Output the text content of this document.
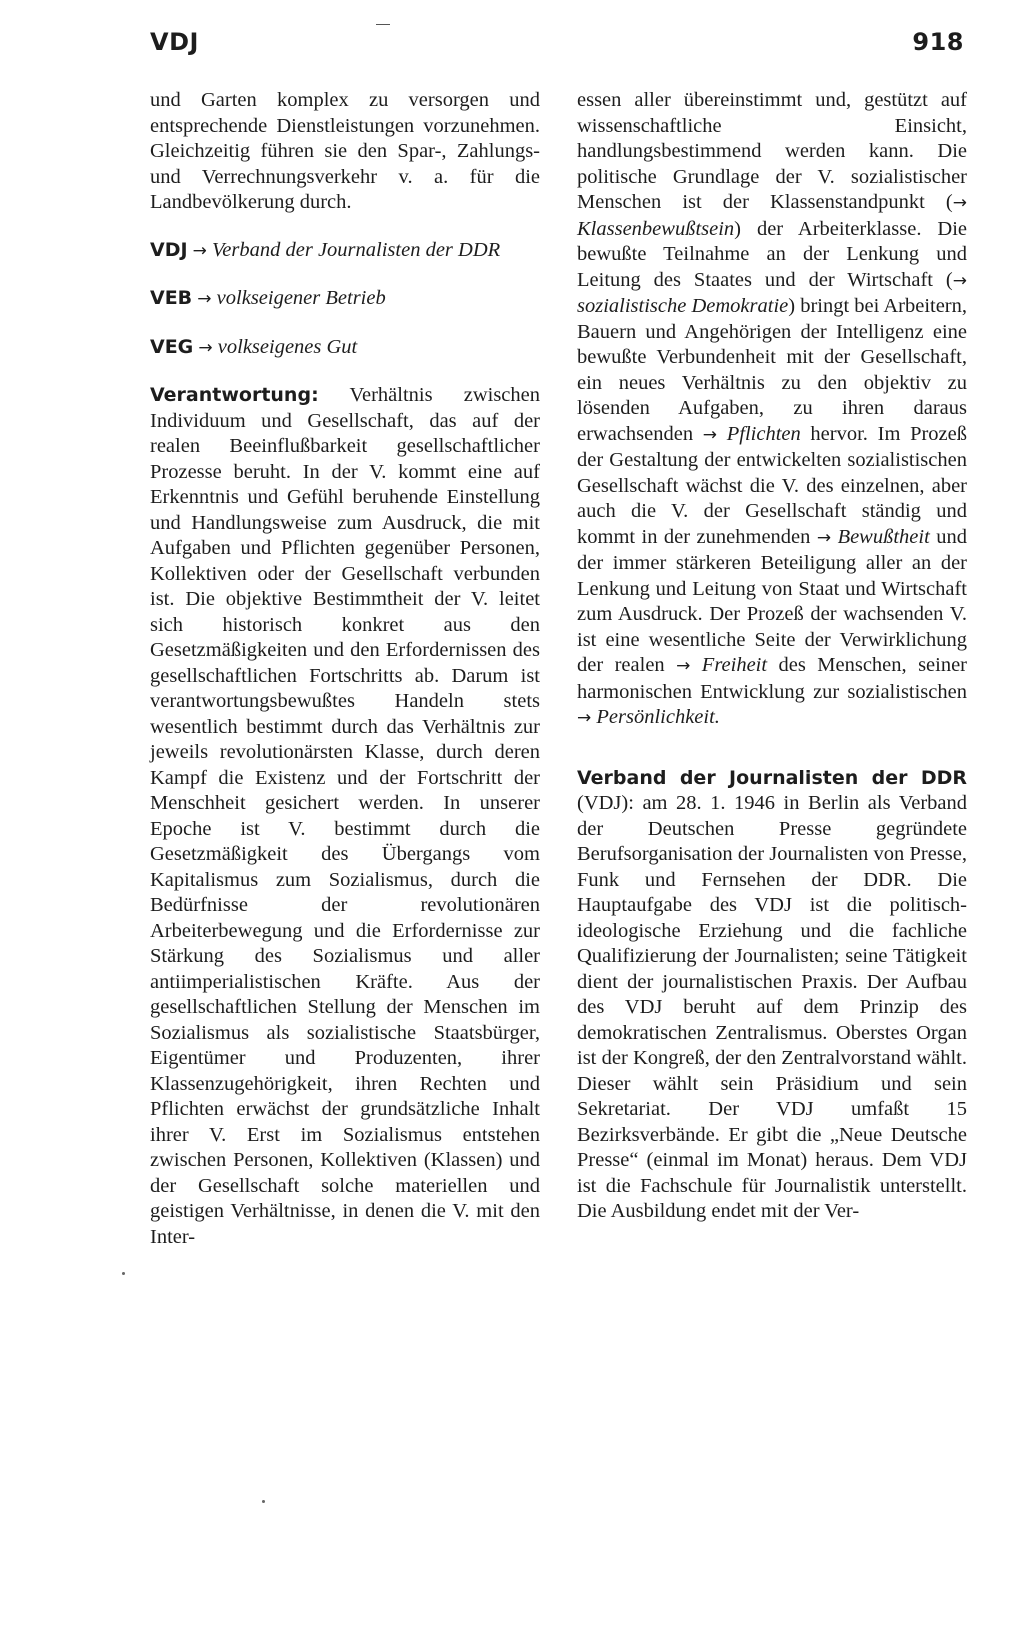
VDJ	918

und Garten komplex zu versorgen und entsprechende Dienstleistungen vorzunehmen. Gleichzeitig führen sie den Spar-, Zahlungs- und Verrechnungsverkehr v. a. für die Landbevölkerung durch.

VDJ → Verband der Journalisten der DDR

VEB → volkseigener Betrieb

VEG → volkseigenes Gut

Verantwortung: Verhältnis zwischen Individuum und Gesellschaft, das auf der realen Beeinflußbarkeit gesellschaftlicher Prozesse beruht. In der V. kommt eine auf Erkenntnis und Gefühl beruhende Einstellung und Handlungsweise zum Ausdruck, die mit Aufgaben und Pflichten gegenüber Personen, Kollektiven oder der Gesellschaft verbunden ist. Die objektive Bestimmtheit der V. leitet sich historisch konkret aus den Gesetzmäßigkeiten und den Erfordernissen des gesellschaftlichen Fortschritts ab. Darum ist verantwortungsbewußtes Handeln stets wesentlich bestimmt durch das Verhältnis zur jeweils revolutionärsten Klasse, durch deren Kampf die Existenz und der Fortschritt der Menschheit gesichert werden. In unserer Epoche ist V. bestimmt durch die Gesetzmäßigkeit des Übergangs vom Kapitalismus zum Sozialismus, durch die Bedürfnisse der revolutionären Arbeiterbewegung und die Erfordernisse zur Stärkung des Sozialismus und aller antiimperialistischen Kräfte. Aus der gesellschaftlichen Stellung der Menschen im Sozialismus als sozialistische Staatsbürger, Eigentümer und Produzenten, ihrer Klassenzugehörigkeit, ihren Rechten und Pflichten erwächst der grundsätzliche Inhalt ihrer V. Erst im Sozialismus entstehen zwischen Personen, Kollektiven (Klassen) und der Gesellschaft solche materiellen und geistigen Verhältnisse, in denen die V. mit den Inter-

essen aller übereinstimmt und, gestützt auf wissenschaftliche Einsicht, handlungsbestimmend werden kann. Die politische Grundlage der V. sozialistischer Menschen ist der Klassenstandpunkt (→ Klassenbewußtsein) der Arbeiterklasse. Die bewußte Teilnahme an der Lenkung und Leitung des Staates und der Wirtschaft (→ sozialistische Demokratie) bringt bei Arbeitern, Bauern und Angehörigen der Intelligenz eine bewußte Verbundenheit mit der Gesellschaft, ein neues Verhältnis zu den objektiv zu lösenden Aufgaben, zu ihren daraus erwachsenden → Pflichten hervor. Im Prozeß der Gestaltung der entwickelten sozialistischen Gesellschaft wächst die V. des einzelnen, aber auch die V. der Gesellschaft ständig und kommt in der zunehmenden → Bewußtheit und der immer stärkeren Beteiligung aller an der Lenkung und Leitung von Staat und Wirtschaft zum Ausdruck. Der Prozeß der wachsenden V. ist eine wesentliche Seite der Verwirklichung der realen → Freiheit des Menschen, seiner harmonischen Entwicklung zur sozialistischen → Persönlichkeit.

Verband der Journalisten der DDR (VDJ): am 28. 1. 1946 in Berlin als Verband der Deutschen Presse gegründete Berufsorganisation der Journalisten von Presse, Funk und Fernsehen der DDR. Die Hauptaufgabe des VDJ ist die politisch-ideologische Erziehung und die fachliche Qualifizierung der Journalisten; seine Tätigkeit dient der journalistischen Praxis. Der Aufbau des VDJ beruht auf dem Prinzip des demokratischen Zentralismus. Oberstes Organ ist der Kongreß, der den Zentralvorstand wählt. Dieser wählt sein Präsidium und sein Sekretariat. Der VDJ umfaßt 15 Bezirksverbände. Er gibt die „Neue Deutsche Presse“ (einmal im Monat) heraus. Dem VDJ ist die Fachschule für Journalistik unterstellt. Die Ausbildung endet mit der Ver-
